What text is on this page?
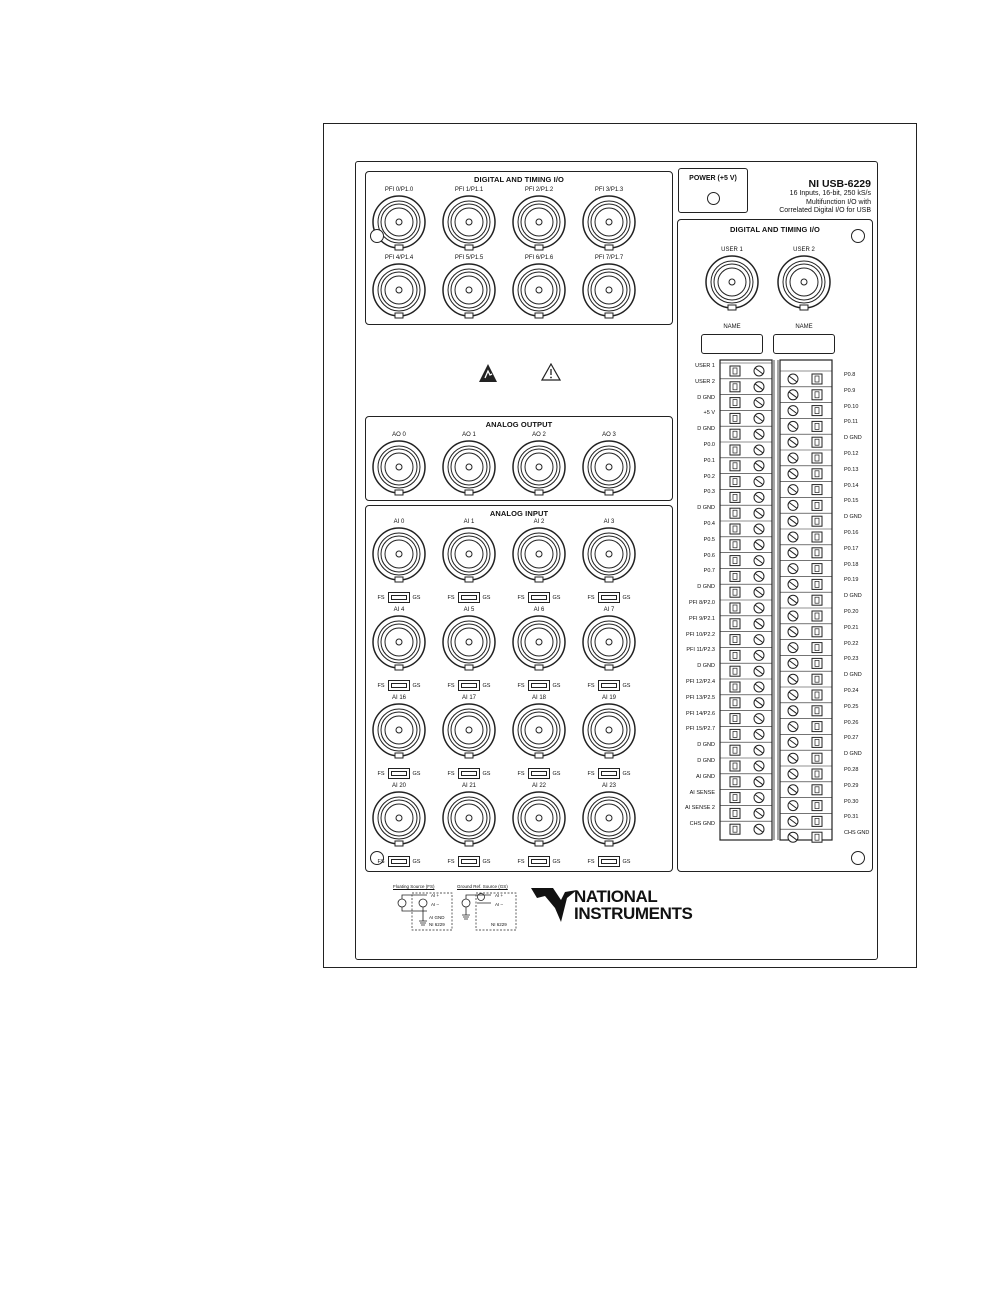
DIGITAL AND TIMING I/O
PFI 0/P1.0	PFI 1/P1.1	PFI 2/P1.2	PFI 3/P1.3
PFI 4/P1.4	PFI 5/P1.5	PFI 6/P1.6	PFI 7/P1.7
POWER (+5 V)	NI USB-6229
16 Inputs, 16-bit, 250 kS/s
Multifunction I/O with
Correlated Digital I/O for USB
ANALOG OUTPUT
AO 0	AO 1	AO 2	AO 3
ANALOG INPUT
AI 0
FS	GS
AI 1
FS	GS
AI 2
FS	GS
AI 3
FS	GS
AI 4
FS	GS
AI 5
FS	GS
AI 6
FS	GS
AI 7
FS	GS
AI 16
FS	GS
AI 17
FS	GS
AI 18
FS	GS
AI 19
FS	GS
AI 20
FS	GS
AI 21
FS	GS
AI 22
FS	GS
AI 23
FS	GS
DIGITAL AND TIMING I/O
USER 1
NAME
USER 2
NAME
USER 1
USER 2
D GND
+5 V
D GND
P0.0
P0.1
P0.2
P0.3
D GND
P0.4
P0.5
P0.6
P0.7
D GND
PFI 8/P2.0
PFI 9/P2.1
PFI 10/P2.2
PFI 11/P2.3
D GND
PFI 12/P2.4
PFI 13/P2.5
PFI 14/P2.6
PFI 15/P2.7
D GND
D GND
AI GND
AI SENSE
AI SENSE 2
CHS GND
P0.8
P0.9
P0.10
P0.11
D GND
P0.12
P0.13
P0.14
P0.15
D GND
P0.16
P0.17
P0.18
P0.19
D GND
P0.20
P0.21
P0.22
P0.23
D GND
P0.24
P0.25
P0.26
P0.27
D GND
P0.28
P0.29
P0.30
P0.31
CHS GND
Floating Source (FS)
AI +
AI –
AI GND
NI 6229
Ground Ref. Source (GS)
AI +
AI –
NI 6229
NATIONAL
INSTRUMENTS
